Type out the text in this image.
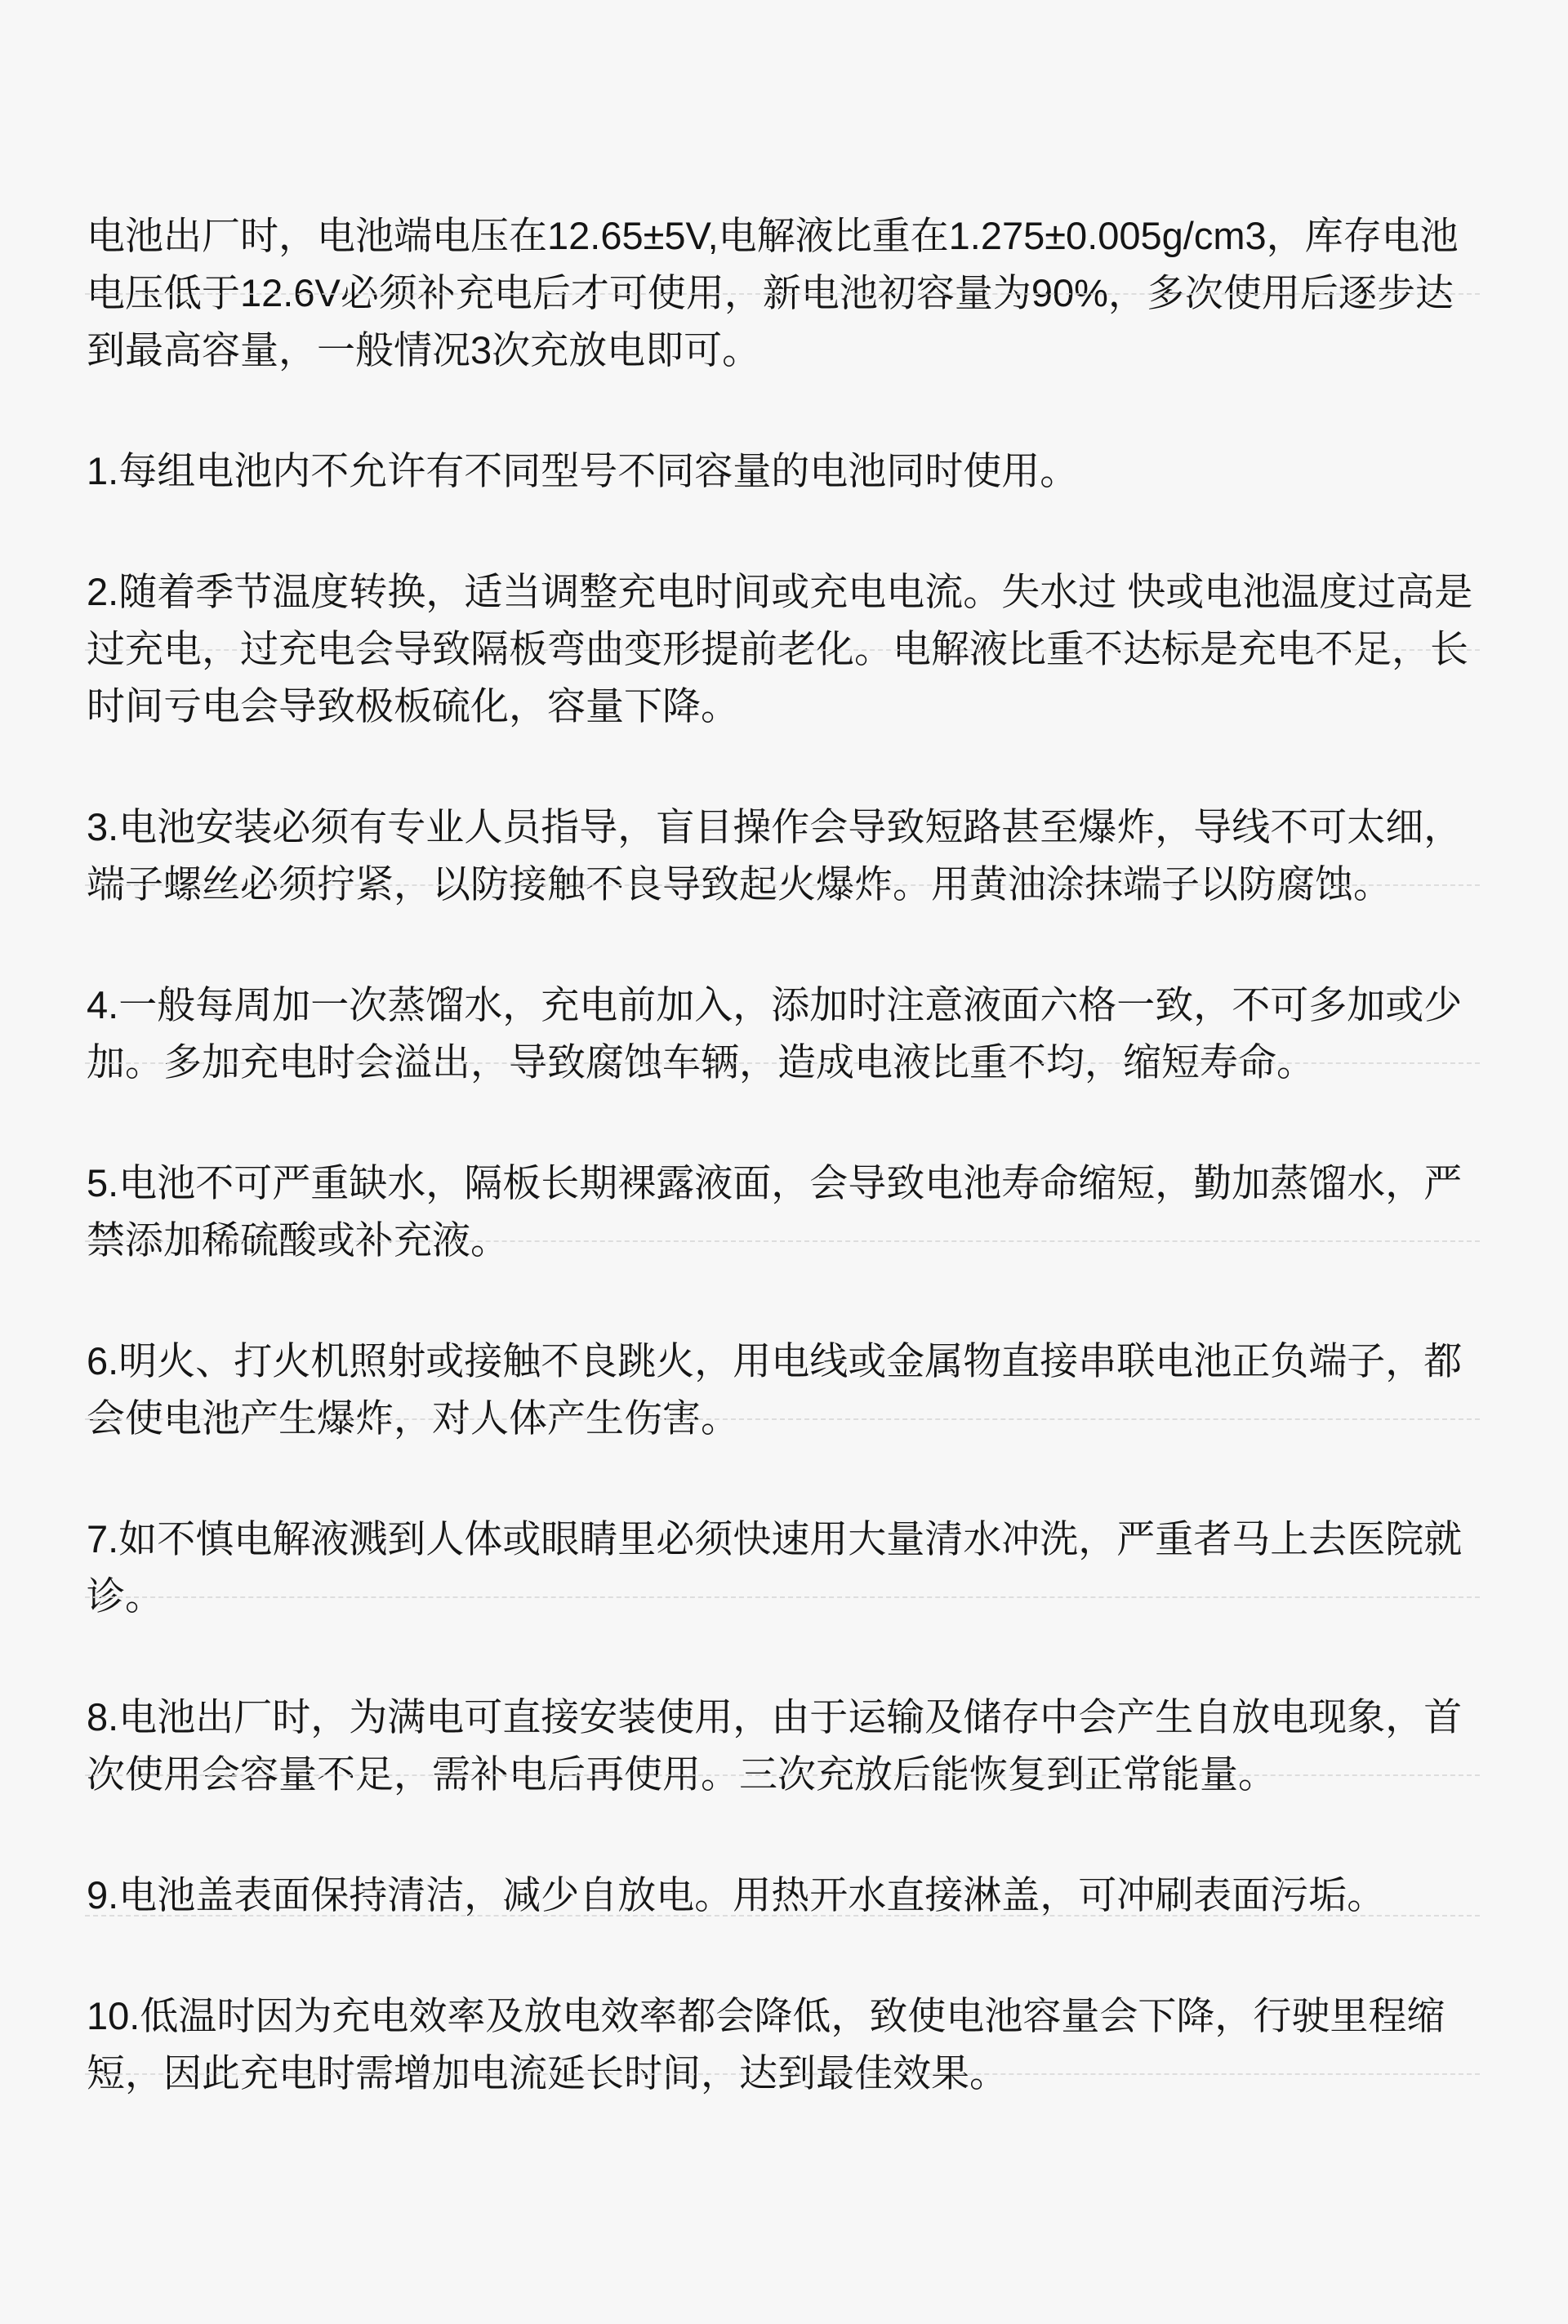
电池出厂时，电池端电压在12.65±5V,电解液比重在1.275±0.005g/cm3，库存电池电压低于12.6V必须补充电后才可使用，新电池初容量为90%，多次使用后逐步达到最高容量，一般情况3次充放电即可。

1.每组电池内不允许有不同型号不同容量的电池同时使用。

2.随着季节温度转换，适当调整充电时间或充电电流。失水过 快或电池温度过高是过充电，过充电会导致隔板弯曲变形提前老化。电解液比重不达标是充电不足，长时间亏电会导致极板硫化，容量下降。

3.电池安装必须有专业人员指导，盲目操作会导致短路甚至爆炸，导线不可太细，端子螺丝必须拧紧，以防接触不良导致起火爆炸。用黄油涂抹端子以防腐蚀。

4.一般每周加一次蒸馏水，充电前加入，添加时注意液面六格一致，不可多加或少加。多加充电时会溢出，导致腐蚀车辆，造成电液比重不均，缩短寿命。

5.电池不可严重缺水，隔板长期裸露液面，会导致电池寿命缩短，勤加蒸馏水，严禁添加稀硫酸或补充液。

6.明火、打火机照射或接触不良跳火，用电线或金属物直接串联电池正负端子，都会使电池产生爆炸，对人体产生伤害。

7.如不慎电解液溅到人体或眼睛里必须快速用大量清水冲洗，严重者马上去医院就诊。

8.电池出厂时，为满电可直接安装使用，由于运输及储存中会产生自放电现象，首次使用会容量不足，需补电后再使用。三次充放后能恢复到正常能量。

9.电池盖表面保持清洁，减少自放电。用热开水直接淋盖，可冲刷表面污垢。

10.低温时因为充电效率及放电效率都会降低，致使电池容量会下降，行驶里程缩短，因此充电时需增加电流延长时间，达到最佳效果。
